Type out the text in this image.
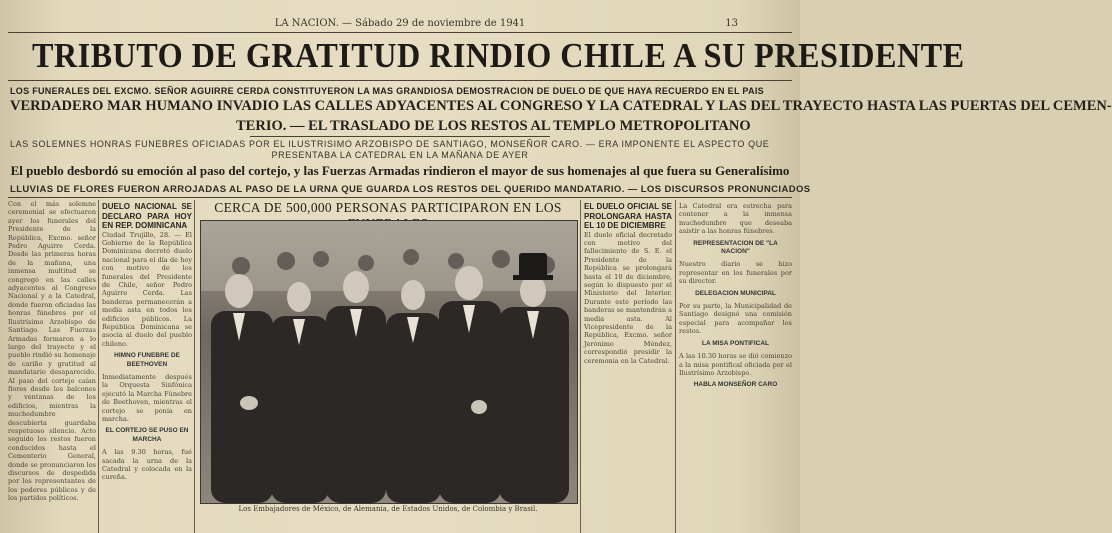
LA NACION. — Sábado 29 de noviembre de 1941	13
TRIBUTO DE GRATITUD RINDIO CHILE A SU PRESIDENTE
LOS FUNERALES DEL EXCMO. SEÑOR AGUIRRE CERDA CONSTITUYERON LA MAS GRANDIOSA DEMOSTRACION DE DUELO DE QUE HAYA RECUERDO EN EL PAIS
VERDADERO MAR HUMANO INVADIO LAS CALLES ADYACENTES AL CONGRESO Y LA CATEDRAL Y LAS DEL TRAYECTO HASTA LAS PUERTAS DEL CEMEN-
TERIO. — EL TRASLADO DE LOS RESTOS AL TEMPLO METROPOLITANO
LAS SOLEMNES HONRAS FUNEBRES OFICIADAS POR EL ILUSTRISIMO ARZOBISPO DE SANTIAGO, MONSEÑOR CARO. — ERA IMPONENTE EL ASPECTO QUE
PRESENTABA LA CATEDRAL EN LA MAÑANA DE AYER
El pueblo desbordó su emoción al paso del cortejo, y las Fuerzas Armadas rindieron el mayor de sus homenajes al que fuera su Generalísimo
LLUVIAS DE FLORES FUERON ARROJADAS AL PASO DE LA URNA QUE GUARDA LOS RESTOS DEL QUERIDO MANDATARIO. — LOS DISCURSOS PRONUNCIADOS
Con el más solemne ceremonial se efectuaron ayer los funerales del Presidente de la República, Excmo. señor Pedro Aguirre Cerda. Desde las primeras horas de la mañana, una inmensa multitud se congregó en las calles adyacentes al Congreso Nacional y a la Catedral, donde fueron oficiadas las honras fúnebres por el Ilustrísimo Arzobispo de Santiago. Las Fuerzas Armadas formaron a lo largo del trayecto y el pueblo rindió su homenaje de cariño y gratitud al mandatario desaparecido. Al paso del cortejo caían flores desde los balcones y ventanas de los edificios, mientras la muchedumbre descubierta guardaba respetuoso silencio. Acto seguido los restos fueron conducidos hasta el Cementerio General, donde se pronunciaron los discursos de despedida por los representantes de los poderes públicos y de los partidos políticos.
DUELO NACIONAL SE DECLARO PARA HOY EN REP. DOMINICANA
Ciudad Trujillo, 28. — El Gobierno de la República Dominicana decretó duelo nacional para el día de hoy con motivo de los funerales del Presidente de Chile, señor Pedro Aguirre Cerda. Las banderas permanecerán a media asta en todos los edificios públicos. La República Dominicana se asocia al duelo del pueblo chileno.
HIMNO FUNEBRE DE BEETHOVEN
Inmediatamente después la Orquesta Sinfónica ejecutó la Marcha Fúnebre de Beethoven, mientras el cortejo se ponía en marcha.
EL CORTEJO SE PUSO EN MARCHA
A las 9.30 horas, fué sacada la urna de la Catedral y colocada en la cureña.
CERCA DE 500,000 PERSONAS PARTICIPARON EN LOS
Los Embajadores de México, de Alemania, de Estados Unidos, de Colombia y Brasil.
EL DUELO OFICIAL SE PROLONGARA HASTA EL 10 DE DICIEMBRE
El duelo oficial decretado con motivo del fallecimiento de S. E. el Presidente de la República se prolongará hasta el 10 de diciembre, según lo dispuesto por el Ministerio del Interior. Durante este período las banderas se mantendrán a media asta. Al Vicepresidente de la República, Excmo. señor Jerónimo Méndez, correspondió presidir la ceremonia en la Catedral.
La Catedral era estrecha para contener a la inmensa muchedumbre que deseaba asistir a las honras fúnebres.
REPRESENTACION DE "LA NACION"
Nuestro diario se hizo representar en los funerales por su director.
DELEGACION MUNICIPAL
Por su parte, la Municipalidad de Santiago designó una comisión especial para acompañar los restos.
LA MISA PONTIFICAL
A las 10.30 horas se dió comienzo a la misa pontifical oficiada por el Ilustrísimo Arzobispo.
HABLA MONSEÑOR CARO
